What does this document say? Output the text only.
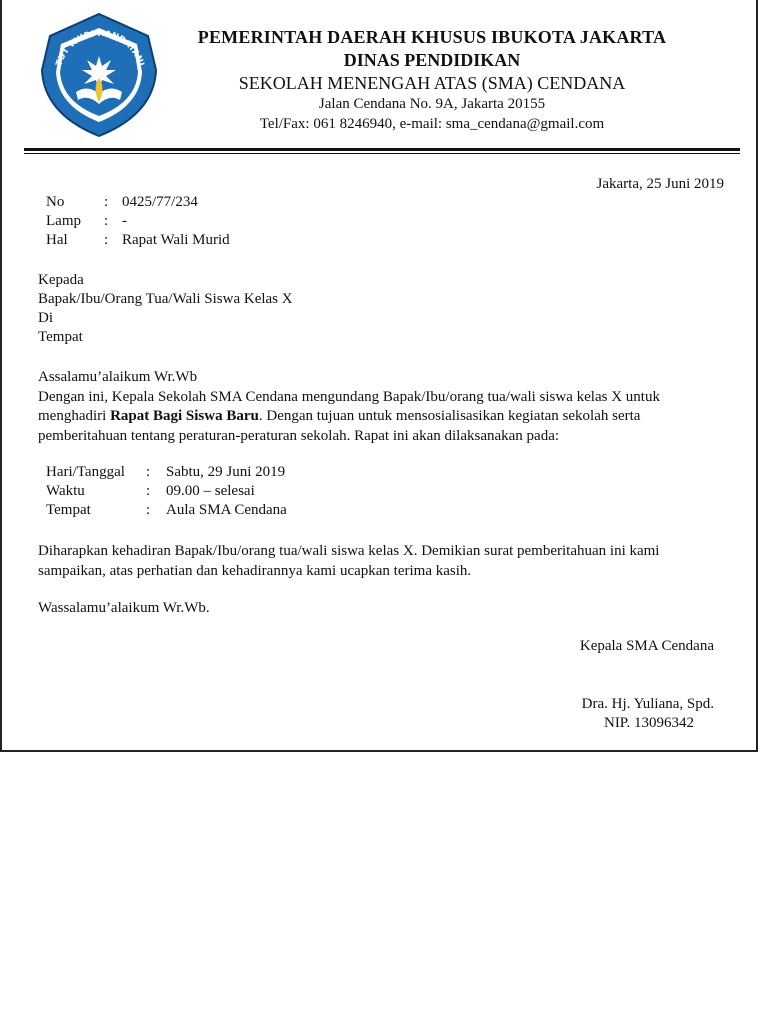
TUT WURI HANDAYANI
PEMERINTAH DAERAH KHUSUS IBUKOTA JAKARTA
DINAS PENDIDIKAN
SEKOLAH MENENGAH ATAS (SMA) CENDANA
Jalan Cendana No. 9A, Jakarta 20155
Tel/Fax: 061 8246940, e-mail: sma_cendana@gmail.com
Jakarta, 25 Juni 2019
No	: 0425/77/234
Lamp	: -
Hal	: Rapat Wali Murid
Kepada
Bapak/Ibu/Orang Tua/Wali Siswa Kelas X
Di
Tempat

Assalamu’alaikum Wr.Wb

Dengan ini, Kepala Sekolah SMA Cendana mengundang Bapak/Ibu/orang tua/wali siswa kelas X untuk menghadiri Rapat Bagi Siswa Baru. Dengan tujuan untuk mensosialisasikan kegiatan sekolah serta pemberitahuan tentang peraturan-peraturan sekolah. Rapat ini akan dilaksanakan pada:

Hari/Tanggal	:	Sabtu, 29 Juni 2019
Waktu	:	09.00 – selesai
Tempat	:	Aula SMA Cendana

Diharapkan kehadiran Bapak/Ibu/orang tua/wali siswa kelas X. Demikian surat pemberitahuan ini kami sampaikan, atas perhatian dan kehadirannya kami ucapkan terima kasih.

Wassalamu’alaikum Wr.Wb.
Kepala SMA Cendana
Dra. Hj. Yuliana, Spd.
NIP. 13096342
